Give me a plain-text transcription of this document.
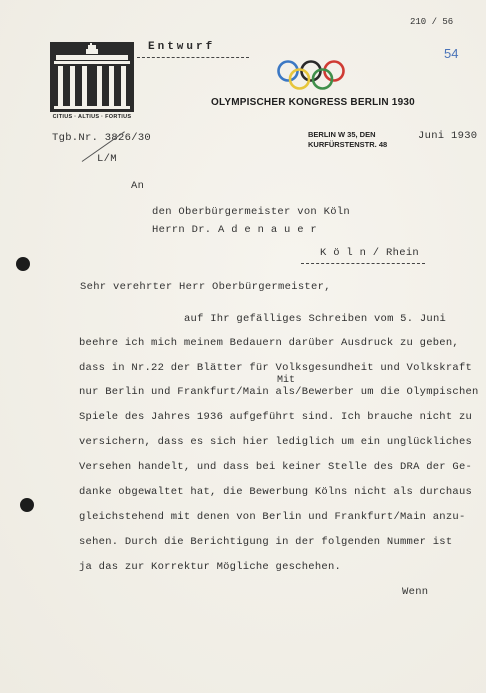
210 / 56
54
CITIUS · ALTIUS · FORTIUS
Entwurf
OLYMPISCHER KONGRESS BERLIN 1930
Tgb.Nr. 3826/30
L/M
BERLIN W 35, DEN
KURFÜRSTENSTR. 48
Juni 1930
An
den Oberbürgermeister von Köln
Herrn Dr. A d e n a u e r
K ö l n / Rhein
Sehr verehrter Herr Oberbürgermeister,
Mit
auf Ihr gefälliges Schreiben vom 5. Juni
beehre ich mich meinem Bedauern darüber Ausdruck zu geben,
dass in Nr.22 der Blätter für Volksgesundheit und Volkskraft
nur Berlin und Frankfurt/Main als/Bewerber um die Olympischen
Spiele des Jahres 1936 aufgeführt sind. Ich brauche nicht zu
versichern, dass es sich hier lediglich um ein unglückliches
Versehen handelt, und dass bei keiner Stelle des DRA der Ge-
danke obgewaltet hat, die Bewerbung Kölns nicht als durchaus
gleichstehend mit denen von Berlin und Frankfurt/Main anzu-
sehen. Durch die Berichtigung in der folgenden Nummer ist
ja das zur Korrektur Mögliche geschehen.
Wenn
